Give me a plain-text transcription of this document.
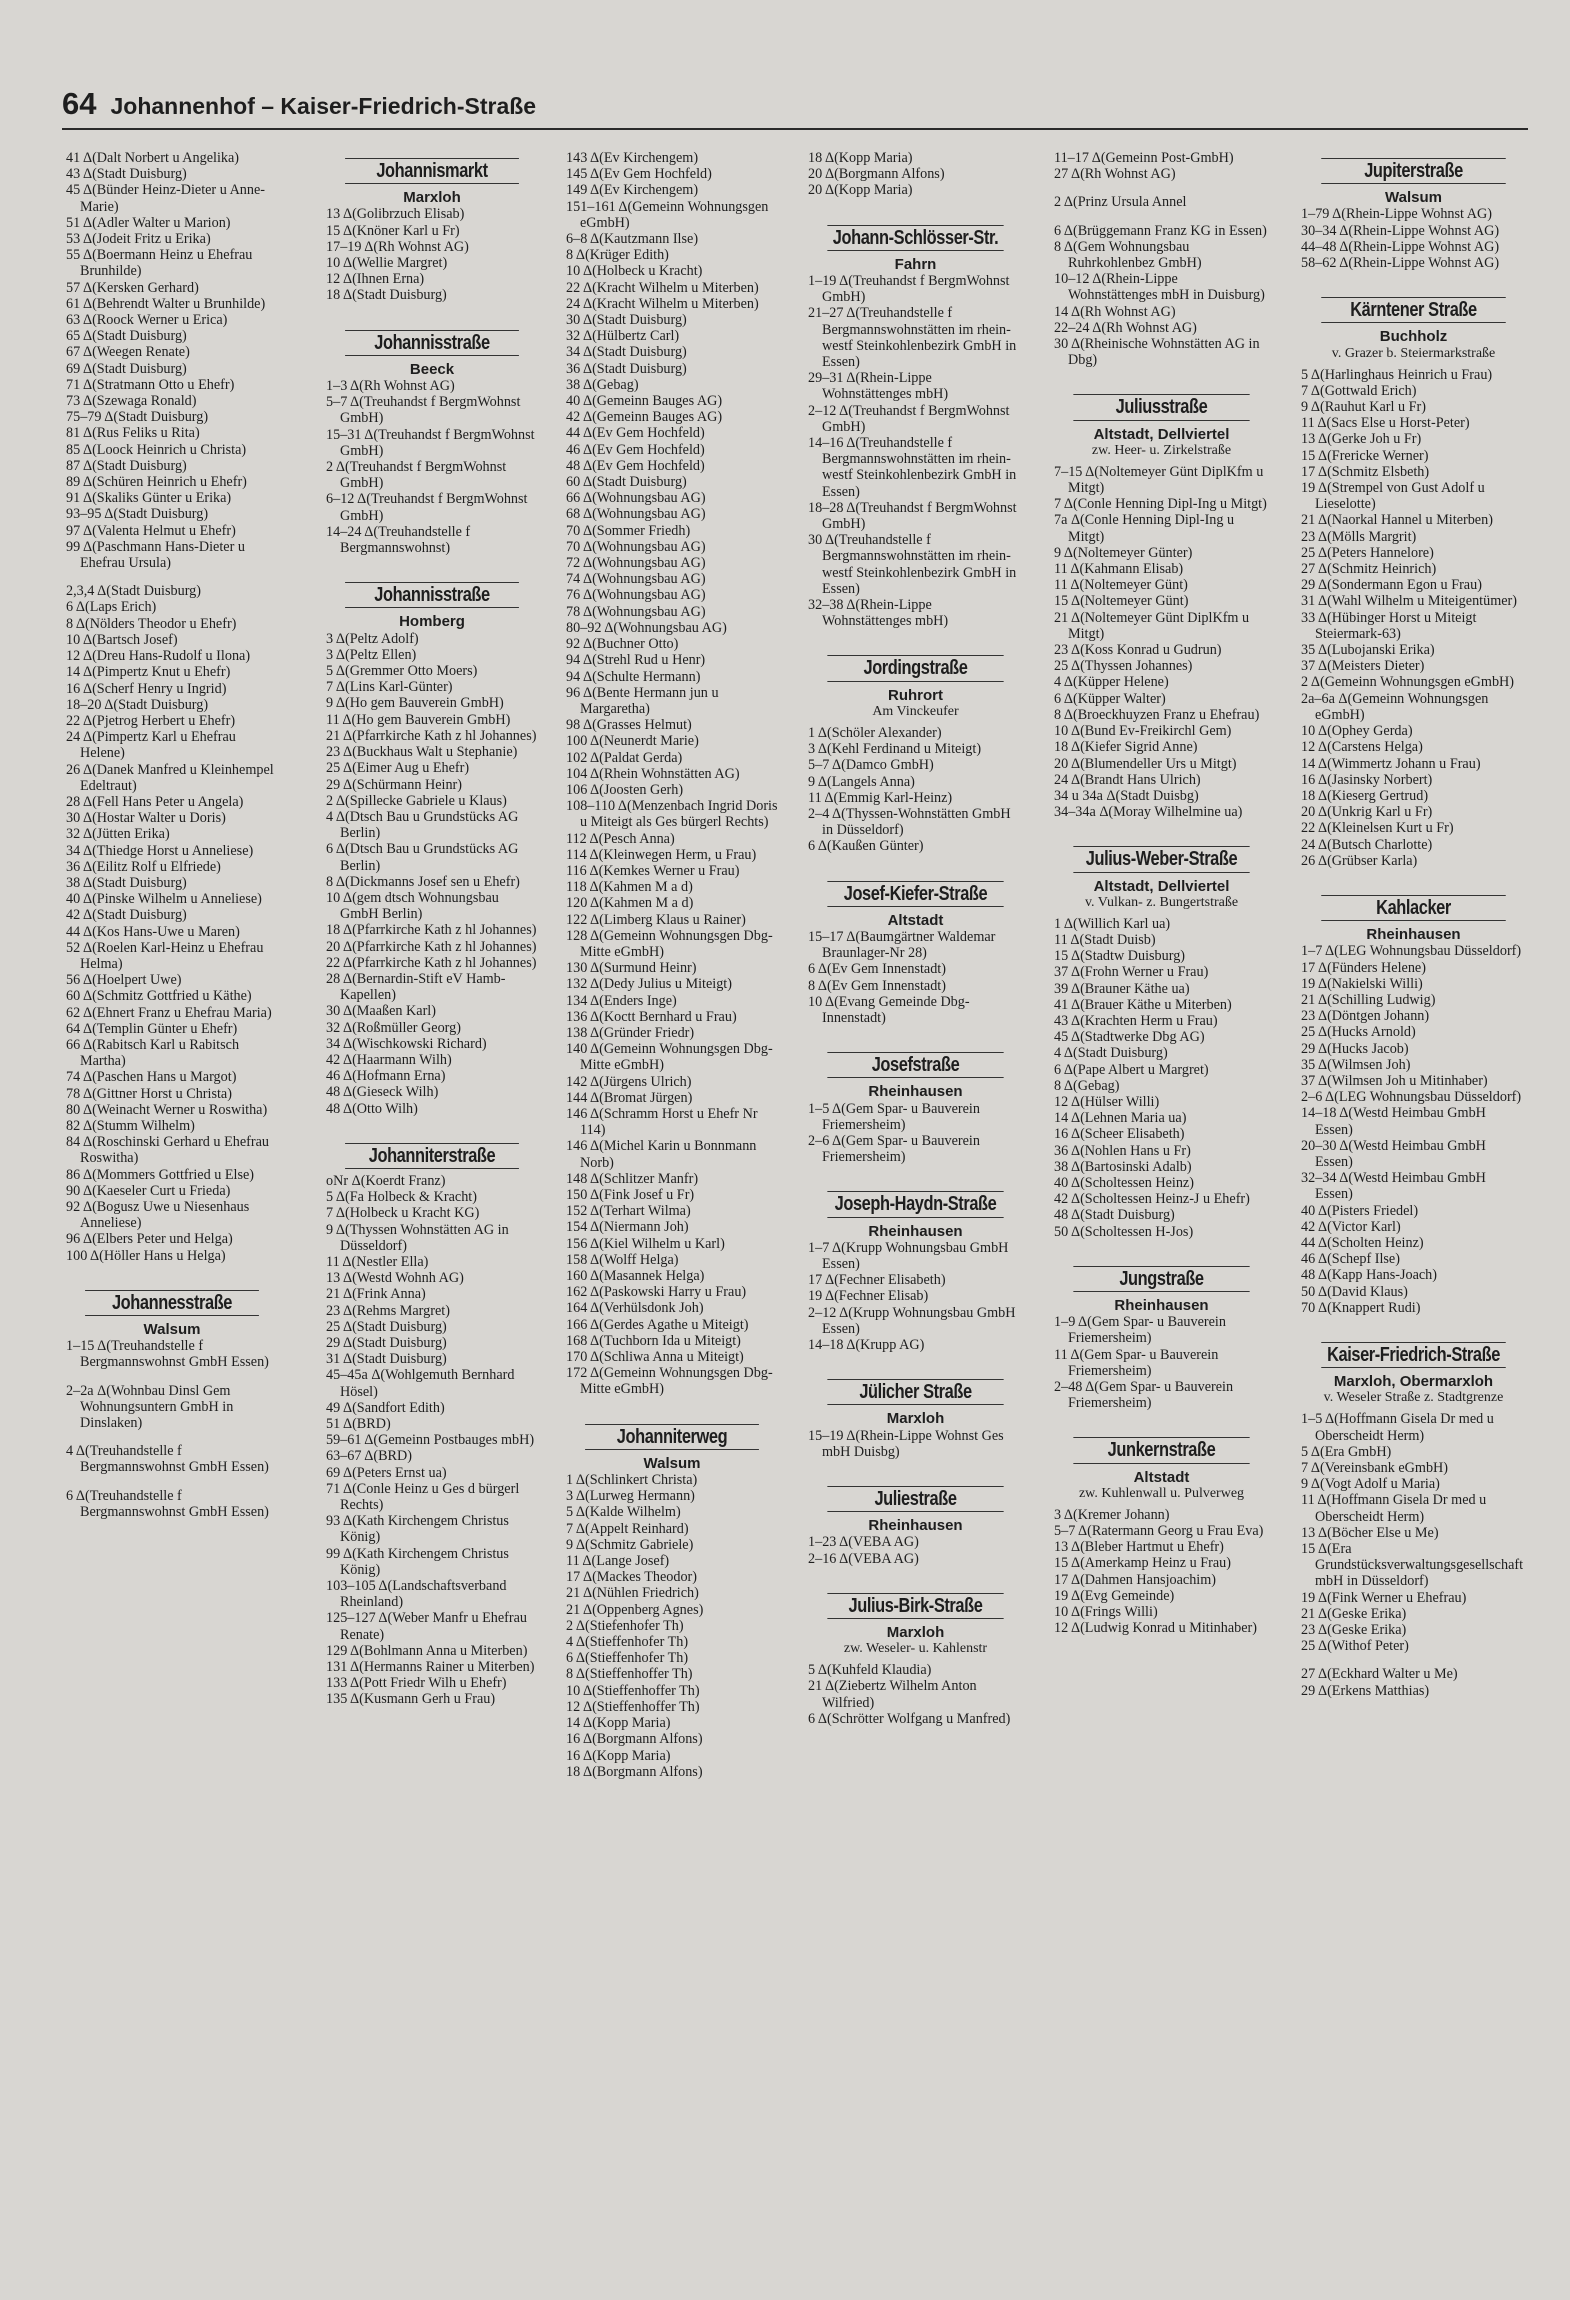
64 Johannenhof – Kaiser-Friedrich-Straße
41 Δ(Dalt Norbert u Angelika)
43 Δ(Stadt Duisburg)
45 Δ(Bünder Heinz-Dieter u Anne-Marie)
51 Δ(Adler Walter u Marion)
53 Δ(Jodeit Fritz u Erika)
55 Δ(Boermann Heinz u Ehefrau Brunhilde)
57 Δ(Kersken Gerhard)
61 Δ(Behrendt Walter u Brunhilde)
63 Δ(Roock Werner u Erica)
65 Δ(Stadt Duisburg)
67 Δ(Weegen Renate)
69 Δ(Stadt Duisburg)
71 Δ(Stratmann Otto u Ehefr)
73 Δ(Szewaga Ronald)
75–79 Δ(Stadt Duisburg)
81 Δ(Rus Feliks u Rita)
85 Δ(Loock Heinrich u Christa)
87 Δ(Stadt Duisburg)
89 Δ(Schüren Heinrich u Ehefr)
91 Δ(Skaliks Günter u Erika)
93–95 Δ(Stadt Duisburg)
97 Δ(Valenta Helmut u Ehefr)
99 Δ(Paschmann Hans-Dieter u Ehefrau Ursula)
2,3,4 Δ(Stadt Duisburg)
6 Δ(Laps Erich)
8 Δ(Nölders Theodor u Ehefr)
10 Δ(Bartsch Josef)
12 Δ(Dreu Hans-Rudolf u Ilona)
14 Δ(Pimpertz Knut u Ehefr)
16 Δ(Scherf Henry u Ingrid)
18–20 Δ(Stadt Duisburg)
22 Δ(Pjetrog Herbert u Ehefr)
24 Δ(Pimpertz Karl u Ehefrau Helene)
26 Δ(Danek Manfred u Kleinhempel Edeltraut)
28 Δ(Fell Hans Peter u Angela)
30 Δ(Hostar Walter u Doris)
32 Δ(Jütten Erika)
34 Δ(Thiedge Horst u Anneliese)
36 Δ(Eilitz Rolf u Elfriede)
38 Δ(Stadt Duisburg)
40 Δ(Pinske Wilhelm u Anneliese)
42 Δ(Stadt Duisburg)
44 Δ(Kos Hans-Uwe u Maren)
52 Δ(Roelen Karl-Heinz u Ehefrau Helma)
56 Δ(Hoelpert Uwe)
60 Δ(Schmitz Gottfried u Käthe)
62 Δ(Ehnert Franz u Ehefrau Maria)
64 Δ(Templin Günter u Ehefr)
66 Δ(Rabitsch Karl u Rabitsch Martha)
74 Δ(Paschen Hans u Margot)
78 Δ(Gittner Horst u Christa)
80 Δ(Weinacht Werner u Roswitha)
82 Δ(Stumm Wilhelm)
84 Δ(Roschinski Gerhard u Ehefrau Roswitha)
86 Δ(Mommers Gottfried u Else)
90 Δ(Kaeseler Curt u Frieda)
92 Δ(Bogusz Uwe u Niesenhaus Anneliese)
96 Δ(Elbers Peter und Helga)
100 Δ(Höller Hans u Helga)
Johannesstraße
Walsum
1–15 Δ(Treuhandstelle f Bergmannswohnst GmbH Essen)
2–2a Δ(Wohnbau Dinsl Gem Wohnungsuntern GmbH in Dinslaken)
4 Δ(Treuhandstelle f Bergmannswohnst GmbH Essen)
6 Δ(Treuhandstelle f Bergmannswohnst GmbH Essen)
Johannismarkt
Marxloh
13 Δ(Golibrzuch Elisab)
15 Δ(Knöner Karl u Fr)
17–19 Δ(Rh Wohnst AG)
10 Δ(Wellie Margret)
12 Δ(Ihnen Erna)
18 Δ(Stadt Duisburg)
Johannisstraße
Beeck
1–3 Δ(Rh Wohnst AG)
5–7 Δ(Treuhandst f BergmWohnst GmbH)
15–31 Δ(Treuhandst f BergmWohnst GmbH)
2 Δ(Treuhandst f BergmWohnst GmbH)
6–12 Δ(Treuhandst f BergmWohnst GmbH)
14–24 Δ(Treuhandstelle f Bergmannswohnst)
Johannisstraße
Homberg
3 Δ(Peltz Adolf)
3 Δ(Peltz Ellen)
5 Δ(Gremmer Otto Moers)
7 Δ(Lins Karl-Günter)
9 Δ(Ho gem Bauverein GmbH)
11 Δ(Ho gem Bauverein GmbH)
21 Δ(Pfarrkirche Kath z hl Johannes)
23 Δ(Buckhaus Walt u Stephanie)
25 Δ(Eimer Aug u Ehefr)
29 Δ(Schürmann Heinr)
2 Δ(Spillecke Gabriele u Klaus)
4 Δ(Dtsch Bau u Grundstücks AG Berlin)
6 Δ(Dtsch Bau u Grundstücks AG Berlin)
8 Δ(Dickmanns Josef sen u Ehefr)
10 Δ(gem dtsch Wohnungsbau GmbH Berlin)
18 Δ(Pfarrkirche Kath z hl Johannes)
20 Δ(Pfarrkirche Kath z hl Johannes)
22 Δ(Pfarrkirche Kath z hl Johannes)
28 Δ(Bernardin-Stift eV Hamb-Kapellen)
30 Δ(Maaßen Karl)
32 Δ(Roßmüller Georg)
34 Δ(Wischkowski Richard)
42 Δ(Haarmann Wilh)
46 Δ(Hofmann Erna)
48 Δ(Gieseck Wilh)
48 Δ(Otto Wilh)
Johanniterstraße
oNr Δ(Koerdt Franz)
5 Δ(Fa Holbeck & Kracht)
7 Δ(Holbeck u Kracht KG)
9 Δ(Thyssen Wohnstätten AG in Düsseldorf)
11 Δ(Nestler Ella)
13 Δ(Westd Wohnh AG)
21 Δ(Frink Anna)
23 Δ(Rehms Margret)
25 Δ(Stadt Duisburg)
29 Δ(Stadt Duisburg)
31 Δ(Stadt Duisburg)
45–45a Δ(Wohlgemuth Bernhard Hösel)
49 Δ(Sandfort Edith)
51 Δ(BRD)
59–61 Δ(Gemeinn Postbauges mbH)
63–67 Δ(BRD)
69 Δ(Peters Ernst ua)
71 Δ(Conle Heinz u Ges d bürgerl Rechts)
93 Δ(Kath Kirchengem Christus König)
99 Δ(Kath Kirchengem Christus König)
103–105 Δ(Landschaftsverband Rheinland)
125–127 Δ(Weber Manfr u Ehefrau Renate)
129 Δ(Bohlmann Anna u Miterben)
131 Δ(Hermanns Rainer u Miterben)
133 Δ(Pott Friedr Wilh u Ehefr)
135 Δ(Kusmann Gerh u Frau)
143 Δ(Ev Kirchengem)
145 Δ(Ev Gem Hochfeld)
149 Δ(Ev Kirchengem)
151–161 Δ(Gemeinn Wohnungsgen eGmbH)
6–8 Δ(Kautzmann Ilse)
8 Δ(Krüger Edith)
10 Δ(Holbeck u Kracht)
22 Δ(Kracht Wilhelm u Miterben)
24 Δ(Kracht Wilhelm u Miterben)
30 Δ(Stadt Duisburg)
32 Δ(Hülbertz Carl)
34 Δ(Stadt Duisburg)
36 Δ(Stadt Duisburg)
38 Δ(Gebag)
40 Δ(Gemeinn Bauges AG)
42 Δ(Gemeinn Bauges AG)
44 Δ(Ev Gem Hochfeld)
46 Δ(Ev Gem Hochfeld)
48 Δ(Ev Gem Hochfeld)
60 Δ(Stadt Duisburg)
66 Δ(Wohnungsbau AG)
68 Δ(Wohnungsbau AG)
70 Δ(Sommer Friedh)
70 Δ(Wohnungsbau AG)
72 Δ(Wohnungsbau AG)
74 Δ(Wohnungsbau AG)
76 Δ(Wohnungsbau AG)
78 Δ(Wohnungsbau AG)
80–92 Δ(Wohnungsbau AG)
92 Δ(Buchner Otto)
94 Δ(Strehl Rud u Henr)
94 Δ(Schulte Hermann)
96 Δ(Bente Hermann jun u Margaretha)
98 Δ(Grasses Helmut)
100 Δ(Neunerdt Marie)
102 Δ(Paldat Gerda)
104 Δ(Rhein Wohnstätten AG)
106 Δ(Joosten Gerh)
108–110 Δ(Menzenbach Ingrid Doris u Miteigt als Ges bürgerl Rechts)
112 Δ(Pesch Anna)
114 Δ(Kleinwegen Herm, u Frau)
116 Δ(Kemkes Werner u Frau)
118 Δ(Kahmen M a d)
120 Δ(Kahmen M a d)
122 Δ(Limberg Klaus u Rainer)
128 Δ(Gemeinn Wohnungsgen Dbg-Mitte eGmbH)
130 Δ(Surmund Heinr)
132 Δ(Dedy Julius u Miteigt)
134 Δ(Enders Inge)
136 Δ(Koctt Bernhard u Frau)
138 Δ(Gründer Friedr)
140 Δ(Gemeinn Wohnungsgen Dbg-Mitte eGmbH)
142 Δ(Jürgens Ulrich)
144 Δ(Bromat Jürgen)
146 Δ(Schramm Horst u Ehefr Nr 114)
146 Δ(Michel Karin u Bonnmann Norb)
148 Δ(Schlitzer Manfr)
150 Δ(Fink Josef u Fr)
152 Δ(Terhart Wilma)
154 Δ(Niermann Joh)
156 Δ(Kiel Wilhelm u Karl)
158 Δ(Wolff Helga)
160 Δ(Masannek Helga)
162 Δ(Paskowski Harry u Frau)
164 Δ(Verhülsdonk Joh)
166 Δ(Gerdes Agathe u Miteigt)
168 Δ(Tuchborn Ida u Miteigt)
170 Δ(Schliwa Anna u Miteigt)
172 Δ(Gemeinn Wohnungsgen Dbg-Mitte eGmbH)
Johanniterweg
Walsum
1 Δ(Schlinkert Christa)
3 Δ(Lurweg Hermann)
5 Δ(Kalde Wilhelm)
7 Δ(Appelt Reinhard)
9 Δ(Schmitz Gabriele)
11 Δ(Lange Josef)
17 Δ(Mackes Theodor)
21 Δ(Nühlen Friedrich)
21 Δ(Oppenberg Agnes)
2 Δ(Stiefenhofer Th)
4 Δ(Stieffenhofer Th)
6 Δ(Stieffenhofer Th)
8 Δ(Stieffenhoffer Th)
10 Δ(Stieffenhoffer Th)
12 Δ(Stieffenhoffer Th)
14 Δ(Kopp Maria)
16 Δ(Borgmann Alfons)
16 Δ(Kopp Maria)
18 Δ(Borgmann Alfons)
18 Δ(Kopp Maria)
20 Δ(Borgmann Alfons)
20 Δ(Kopp Maria)
Johann-Schlösser-Str.
Fahrn
1–19 Δ(Treuhandst f BergmWohnst GmbH)
21–27 Δ(Treuhandstelle f Bergmannswohnstätten im rhein-westf Steinkohlenbezirk GmbH in Essen)
29–31 Δ(Rhein-Lippe Wohnstättenges mbH)
2–12 Δ(Treuhandst f BergmWohnst GmbH)
14–16 Δ(Treuhandstelle f Bergmannswohnstätten im rhein-westf Steinkohlenbezirk GmbH in Essen)
18–28 Δ(Treuhandst f BergmWohnst GmbH)
30 Δ(Treuhandstelle f Bergmannswohnstätten im rhein-westf Steinkohlenbezirk GmbH in Essen)
32–38 Δ(Rhein-Lippe Wohnstättenges mbH)
Jordingstraße
Ruhrort
Am Vinckeufer
1 Δ(Schöler Alexander)
3 Δ(Kehl Ferdinand u Miteigt)
5–7 Δ(Damco GmbH)
9 Δ(Langels Anna)
11 Δ(Emmig Karl-Heinz)
2–4 Δ(Thyssen-Wohnstätten GmbH in Düsseldorf)
6 Δ(Kaußen Günter)
Josef-Kiefer-Straße
Altstadt
15–17 Δ(Baumgärtner Waldemar Braunlager-Nr 28)
6 Δ(Ev Gem Innenstadt)
8 Δ(Ev Gem Innenstadt)
10 Δ(Evang Gemeinde Dbg-Innenstadt)
Josefstraße
Rheinhausen
1–5 Δ(Gem Spar- u Bauverein Friemersheim)
2–6 Δ(Gem Spar- u Bauverein Friemersheim)
Joseph-Haydn-Straße
Rheinhausen
1–7 Δ(Krupp Wohnungsbau GmbH Essen)
17 Δ(Fechner Elisabeth)
19 Δ(Fechner Elisab)
2–12 Δ(Krupp Wohnungsbau GmbH Essen)
14–18 Δ(Krupp AG)
Jülicher Straße
Marxloh
15–19 Δ(Rhein-Lippe Wohnst Ges mbH Duisbg)
Juliestraße
Rheinhausen
1–23 Δ(VEBA AG)
2–16 Δ(VEBA AG)
Julius-Birk-Straße
Marxloh
zw. Weseler- u. Kahlenstr
5 Δ(Kuhfeld Klaudia)
21 Δ(Ziebertz Wilhelm Anton Wilfried)
6 Δ(Schrötter Wolfgang u Manfred)
11–17 Δ(Gemeinn Post-GmbH)
27 Δ(Rh Wohnst AG)
2 Δ(Prinz Ursula Annel
6 Δ(Brüggemann Franz KG in Essen)
8 Δ(Gem Wohnungsbau Ruhrkohlenbez GmbH)
10–12 Δ(Rhein-Lippe Wohnstättenges mbH in Duisburg)
14 Δ(Rh Wohnst AG)
22–24 Δ(Rh Wohnst AG)
30 Δ(Rheinische Wohnstätten AG in Dbg)
Juliusstraße
Altstadt, Dellviertel
zw. Heer- u. Zirkelstraße
7–15 Δ(Noltemeyer Günt DiplKfm u Mitgt)
7 Δ(Conle Henning Dipl-Ing u Mitgt)
7a Δ(Conle Henning Dipl-Ing u Mitgt)
9 Δ(Noltemeyer Günter)
11 Δ(Kahmann Elisab)
11 Δ(Noltemeyer Günt)
15 Δ(Noltemeyer Günt)
21 Δ(Noltemeyer Günt DiplKfm u Mitgt)
23 Δ(Koss Konrad u Gudrun)
25 Δ(Thyssen Johannes)
4 Δ(Küpper Helene)
6 Δ(Küpper Walter)
8 Δ(Broeckhuyzen Franz u Ehefrau)
10 Δ(Bund Ev-Freikirchl Gem)
18 Δ(Kiefer Sigrid Anne)
20 Δ(Blumendeller Urs u Mitgt)
24 Δ(Brandt Hans Ulrich)
34 u 34a Δ(Stadt Duisbg)
34–34a Δ(Moray Wilhelmine ua)
Julius-Weber-Straße
Altstadt, Dellviertel
v. Vulkan- z. Bungertstraße
1 Δ(Willich Karl ua)
11 Δ(Stadt Duisb)
15 Δ(Stadtw Duisburg)
37 Δ(Frohn Werner u Frau)
39 Δ(Brauner Käthe ua)
41 Δ(Brauer Käthe u Miterben)
43 Δ(Krachten Herm u Frau)
45 Δ(Stadtwerke Dbg AG)
4 Δ(Stadt Duisburg)
6 Δ(Pape Albert u Margret)
8 Δ(Gebag)
12 Δ(Hülser Willi)
14 Δ(Lehnen Maria ua)
16 Δ(Scheer Elisabeth)
36 Δ(Nohlen Hans u Fr)
38 Δ(Bartosinski Adalb)
40 Δ(Scholtessen Heinz)
42 Δ(Scholtessen Heinz-J u Ehefr)
48 Δ(Stadt Duisburg)
50 Δ(Scholtessen H-Jos)
Jungstraße
Rheinhausen
1–9 Δ(Gem Spar- u Bauverein Friemersheim)
11 Δ(Gem Spar- u Bauverein Friemersheim)
2–48 Δ(Gem Spar- u Bauverein Friemersheim)
Junkernstraße
Altstadt
zw. Kuhlenwall u. Pulverweg
3 Δ(Kremer Johann)
5–7 Δ(Ratermann Georg u Frau Eva)
13 Δ(Bleber Hartmut u Ehefr)
15 Δ(Amerkamp Heinz u Frau)
17 Δ(Dahmen Hansjoachim)
19 Δ(Evg Gemeinde)
10 Δ(Frings Willi)
12 Δ(Ludwig Konrad u Mitinhaber)
Jupiterstraße
Walsum
1–79 Δ(Rhein-Lippe Wohnst AG)
30–34 Δ(Rhein-Lippe Wohnst AG)
44–48 Δ(Rhein-Lippe Wohnst AG)
58–62 Δ(Rhein-Lippe Wohnst AG)
Kärntener Straße
Buchholz
v. Grazer b. Steiermarkstraße
5 Δ(Harlinghaus Heinrich u Frau)
7 Δ(Gottwald Erich)
9 Δ(Rauhut Karl u Fr)
11 Δ(Sacs Else u Horst-Peter)
13 Δ(Gerke Joh u Fr)
15 Δ(Frericke Werner)
17 Δ(Schmitz Elsbeth)
19 Δ(Strempel von Gust Adolf u Lieselotte)
21 Δ(Naorkal Hannel u Miterben)
23 Δ(Mölls Margrit)
25 Δ(Peters Hannelore)
27 Δ(Schmitz Heinrich)
29 Δ(Sondermann Egon u Frau)
31 Δ(Wahl Wilhelm u Miteigentümer)
33 Δ(Hübinger Horst u Miteigt Steiermark-63)
35 Δ(Lubojanski Erika)
37 Δ(Meisters Dieter)
2 Δ(Gemeinn Wohnungsgen eGmbH)
2a–6a Δ(Gemeinn Wohnungsgen eGmbH)
10 Δ(Ophey Gerda)
12 Δ(Carstens Helga)
14 Δ(Wimmertz Johann u Frau)
16 Δ(Jasinsky Norbert)
18 Δ(Kieserg Gertrud)
20 Δ(Unkrig Karl u Fr)
22 Δ(Kleinelsen Kurt u Fr)
24 Δ(Butsch Charlotte)
26 Δ(Grübser Karla)
Kahlacker
Rheinhausen
1–7 Δ(LEG Wohnungsbau Düsseldorf)
17 Δ(Fünders Helene)
19 Δ(Nakielski Willi)
21 Δ(Schilling Ludwig)
23 Δ(Döntgen Johann)
25 Δ(Hucks Arnold)
29 Δ(Hucks Jacob)
35 Δ(Wilmsen Joh)
37 Δ(Wilmsen Joh u Mitinhaber)
2–6 Δ(LEG Wohnungsbau Düsseldorf)
14–18 Δ(Westd Heimbau GmbH Essen)
20–30 Δ(Westd Heimbau GmbH Essen)
32–34 Δ(Westd Heimbau GmbH Essen)
40 Δ(Pisters Friedel)
42 Δ(Victor Karl)
44 Δ(Scholten Heinz)
46 Δ(Schepf Ilse)
48 Δ(Kapp Hans-Joach)
50 Δ(David Klaus)
70 Δ(Knappert Rudi)
Kaiser-Friedrich-Straße
Marxloh, Obermarxloh
v. Weseler Straße z. Stadtgrenze
1–5 Δ(Hoffmann Gisela Dr med u Oberscheidt Herm)
5 Δ(Era GmbH)
7 Δ(Vereinsbank eGmbH)
9 Δ(Vogt Adolf u Maria)
11 Δ(Hoffmann Gisela Dr med u Oberscheidt Herm)
13 Δ(Böcher Else u Me)
15 Δ(Era Grundstücksverwaltungsgesellschaft mbH in Düsseldorf)
19 Δ(Fink Werner u Ehefrau)
21 Δ(Geske Erika)
23 Δ(Geske Erika)
25 Δ(Withof Peter)
27 Δ(Eckhard Walter u Me)
29 Δ(Erkens Matthias)
